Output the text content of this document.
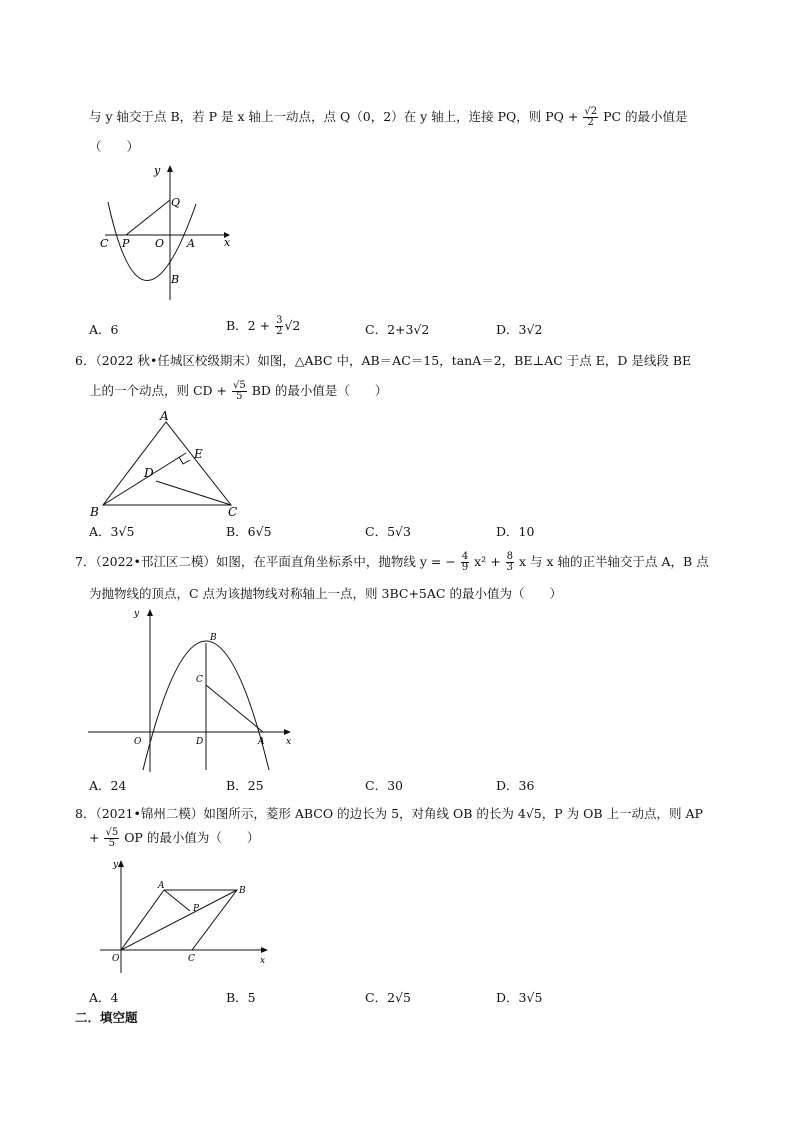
与 y 轴交于点 B，若 P 是 x 轴上一动点，点 Q（0，2）在 y 轴上，连接 PQ，则 PQ + $\frac{√2}{2}$ PC 的最小值是
（　　）
y
x
Q
C P O A
B
A．6	B．$2 + \frac{3}{2} √2$	C．2+3√2	D．3√2
6．（2022 秋•任城区校级期末）如图，△ABC 中，AB＝AC＝15，tanA＝2，BE⊥AC 于点 E，D 是线段 BE
上的一个动点，则 CD + $\frac{√5}{5}$ BD 的最小值是（　　）
A
E
D
B	C
A．3√5	B．6√5	C．5√3	D．10
7．（2022•邗江区二模）如图，在平面直角坐标系中，抛物线 y = − $\frac{4}{9} x^2 + \frac{8}{3}$ x 与 x 轴的正半轴交于点 A，B 点
为抛物线的顶点，C 点为该抛物线对称轴上一点，则 3BC+5AC 的最小值为（　　）
y
x
B
C
O	D	A
A．24	B．25	C．30	D．36
8．（2021•锦州二模）如图所示，菱形 ABCO 的边长为 5，对角线 OB 的长为 4√5，P 为 OB 上一动点，则 AP
+ $\frac{√5}{5}$ OP 的最小值为（　　）
y
x
A	B
P
O	C
A．4	B．5	C．2√5	D．3√5
二．填空题
